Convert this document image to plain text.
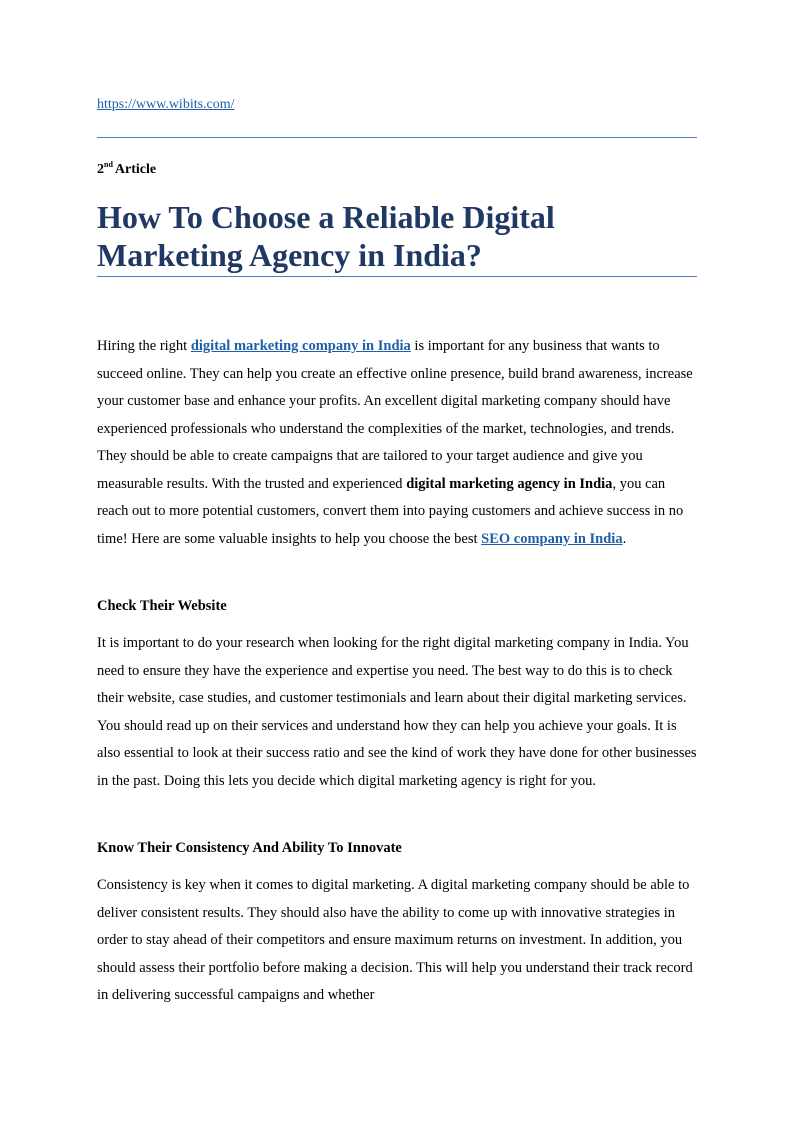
https://www.wibits.com/
2nd Article
How To Choose a Reliable Digital Marketing Agency in India?

Hiring the right digital marketing company in India is important for any business that wants to succeed online. They can help you create an effective online presence, build brand awareness, increase your customer base and enhance your profits. An excellent digital marketing company should have experienced professionals who understand the complexities of the market, technologies, and trends. They should be able to create campaigns that are tailored to your target audience and give you measurable results. With the trusted and experienced digital marketing agency in India, you can reach out to more potential customers, convert them into paying customers and achieve success in no time! Here are some valuable insights to help you choose the best SEO company in India.

Check Their Website

It is important to do your research when looking for the right digital marketing company in India. You need to ensure they have the experience and expertise you need. The best way to do this is to check their website, case studies, and customer testimonials and learn about their digital marketing services. You should read up on their services and understand how they can help you achieve your goals. It is also essential to look at their success ratio and see the kind of work they have done for other businesses in the past. Doing this lets you decide which digital marketing agency is right for you.

Know Their Consistency And Ability To Innovate

Consistency is key when it comes to digital marketing. A digital marketing company should be able to deliver consistent results. They should also have the ability to come up with innovative strategies in order to stay ahead of their competitors and ensure maximum returns on investment. In addition, you should assess their portfolio before making a decision. This will help you understand their track record in delivering successful campaigns and whether
